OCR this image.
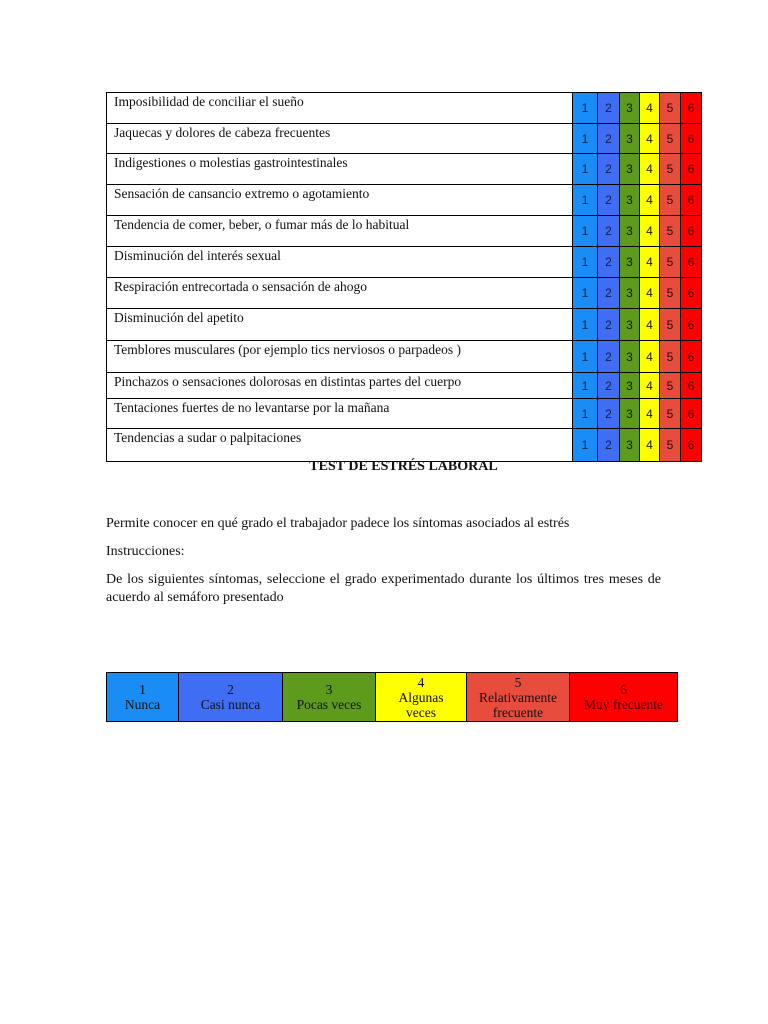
Imposibilidad de conciliar el sueño	1	2	3	4	5	6
Jaquecas y dolores de cabeza frecuentes	1	2	3	4	5	6
Indigestiones o molestias gastrointestinales	1	2	3	4	5	6
Sensación de cansancio extremo o agotamiento	1	2	3	4	5	6
Tendencia de comer, beber, o fumar más de lo habitual	1	2	3	4	5	6
Disminución del interés sexual	1	2	3	4	5	6
Respiración entrecortada o sensación de ahogo	1	2	3	4	5	6
Disminución del apetito	1	2	3	4	5	6
Temblores musculares (por ejemplo tics nerviosos o parpadeos )	1	2	3	4	5	6
Pinchazos o sensaciones dolorosas en distintas partes del cuerpo	1	2	3	4	5	6
Tentaciones fuertes de no levantarse por la mañana	1	2	3	4	5	6
Tendencias a sudar o palpitaciones	1	2	3	4	5	6
TEST DE ESTRÉS LABORAL

Permite conocer en qué grado el trabajador padece los síntomas asociados al estrés

Instrucciones:

De los siguientes síntomas, seleccione el grado experimentado durante los últimos tres meses de acuerdo al semáforo presentado

1
Nunca

2
Casi nunca

3
Pocas veces

4
Algunas
veces

5
Relativamente
frecuente

6
Muy frecuente
